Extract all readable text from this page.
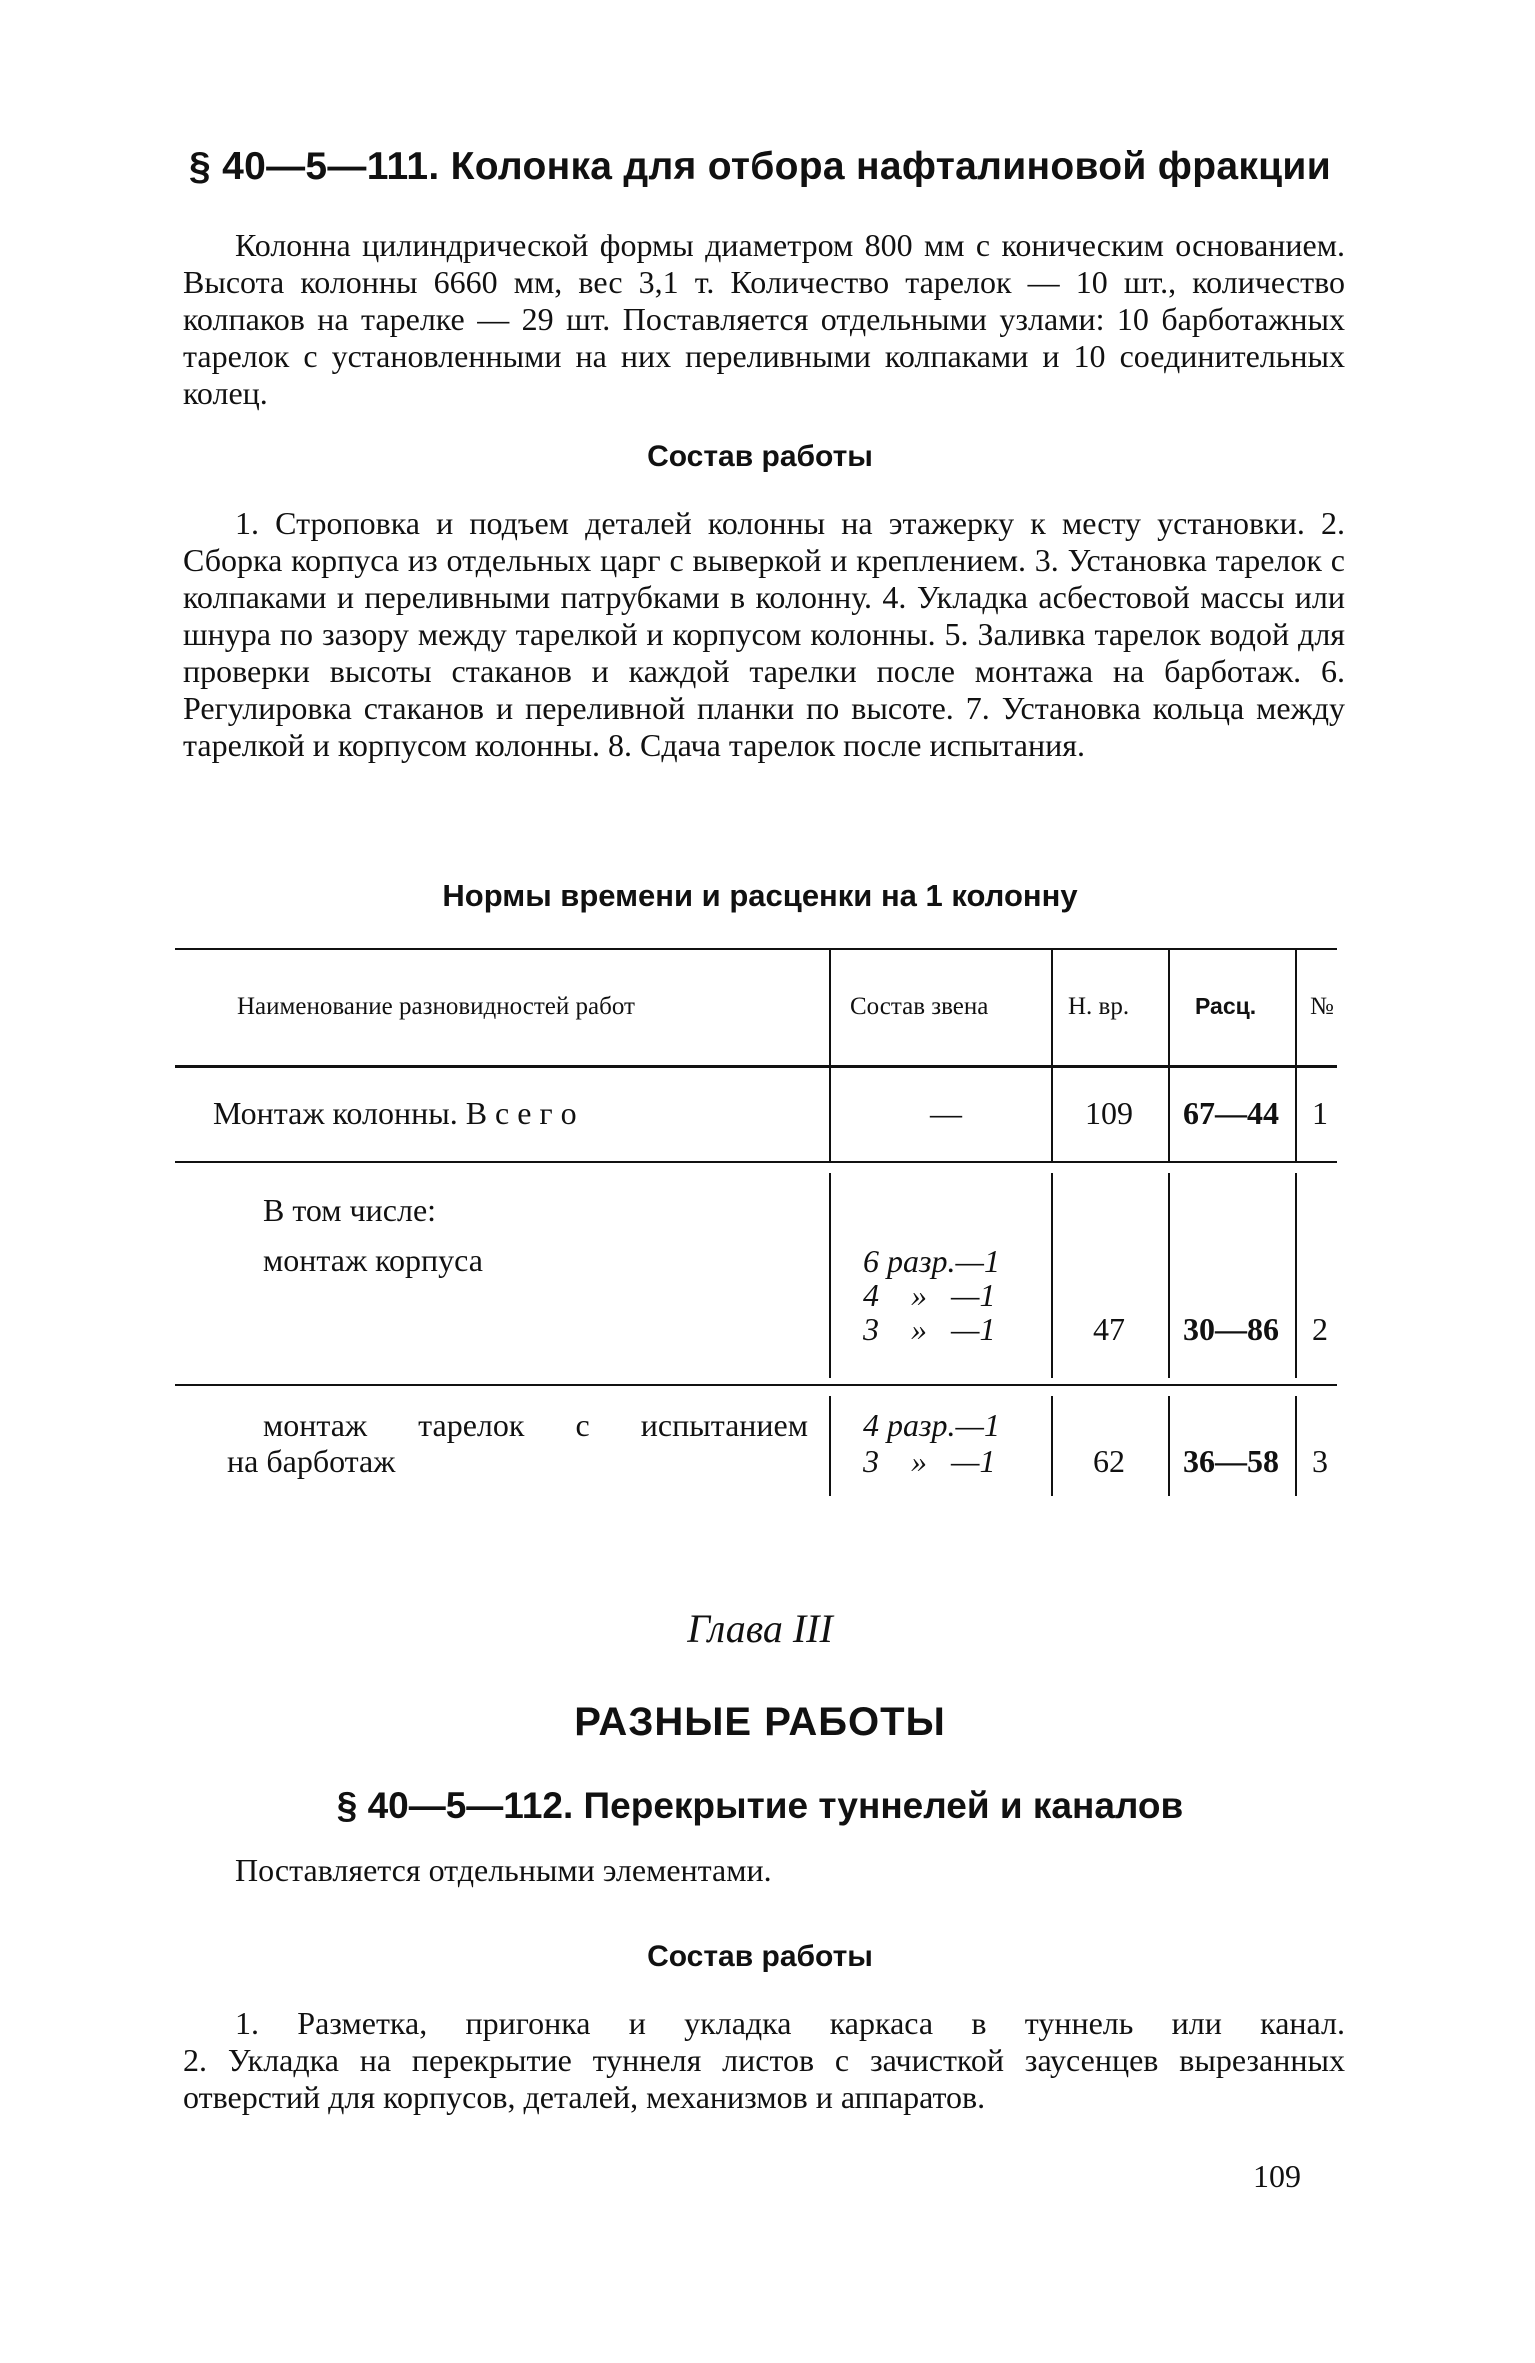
§ 40—5—111. Колонка для отбора нафталиновой фракции

Колонна цилиндрической формы диаметром 800 мм с коническим основанием. Высота колонны 6660 мм, вес 3,1 т. Количество тарелок — 10 шт., количество колпаков на тарелке — 29 шт. Поставляется отдельными узлами: 10 барботажных тарелок с установленными на них переливными колпаками и 10 соединительных колец.

Состав работы

1. Строповка и подъем деталей колонны на этажерку к месту установки. 2. Сборка корпуса из отдельных царг с выверкой и креплением. 3. Установка тарелок с колпаками и переливными патрубками в колонну. 4. Укладка асбестовой массы или шнура по зазору между тарелкой и корпусом колонны. 5. Заливка тарелок водой для проверки высоты стаканов и каждой тарелки после монтажа на барботаж. 6. Регулировка стаканов и переливной планки по высоте. 7. Установка кольца между тарелкой и корпусом колонны. 8. Сдача тарелок после испытания.

Нормы времени и расценки на 1 колонну

Наименование разновидностей работ	Состав звена	Н. вр.	Расц. №
Монтаж колонны. В с е г о	—	109 67—44 1
В том числе:
монтаж корпуса	6 разр.—1
4    »   —1
3    »   —1	47 30—86 2
монтаж тарелок с испытанием
на барботаж
4 разр.—1
3    »   —1	62 36—58 3

Глава III

РАЗНЫЕ РАБОТЫ

§ 40—5—112. Перекрытие туннелей и каналов

Поставляется отдельными элементами.

Состав работы

1. Разметка, пригонка и укладка каркаса в туннель или канал.

2. Укладка на перекрытие туннеля листов с зачисткой заусенцев вырезанных отверстий для корпусов, деталей, механизмов и аппаратов.

109
